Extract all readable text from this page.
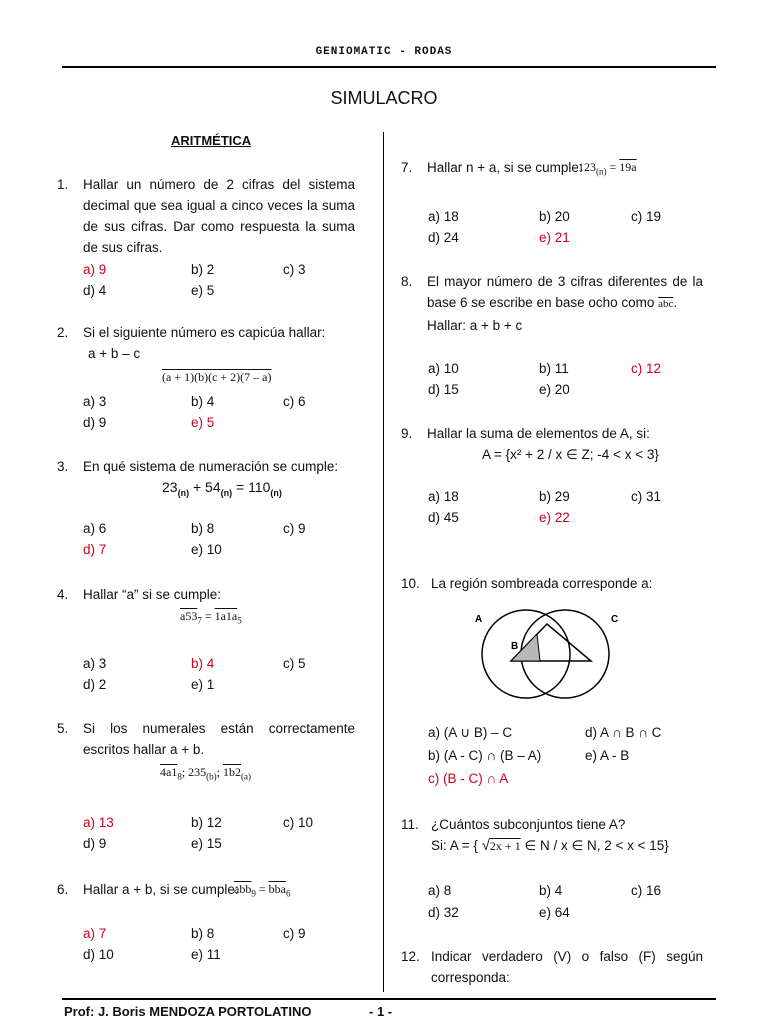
GENIOMATIC - RODAS
SIMULACRO
ARITMÉTICA
1. Hallar un número de 2 cifras del sistema decimal que sea igual a cinco veces la suma de sus cifras. Dar como respuesta la suma de sus cifras.
a) 9	b) 2	c) 3
d) 4	e) 5
2. Si el siguiente número es capicúa hallar:
a + b – c
(a + 1)(b)(c + 2)(7 – a)
a) 3	b) 4	c) 6
d) 9	e) 5
3. En qué sistema de numeración se cumple:
$23_{(n)} + 54_{(n)} = 110_{(n)}$
a) 6	b) 8	c) 9
d) 7	e) 10
4. Hallar “a” si se cumple:
$a53_7 = 1a1a_5$
a) 3	b) 4	c) 5
d) 2	e) 1
5. Si los numerales están correctamente escritos hallar a + b.
$4a1_8$; $235_{(b)}$; $1b2_{(a)}$
a) 13	b) 12	c) 10
d) 9	e) 15
6. Hallar a + b, si se cumple:
$\overline{abb}_9 = \overline{bba}_6$
a) 7	b) 8	c) 9
d) 10	e) 11
7. Hallar n + a, si se cumple:
$123_{(n)} = 19a$
a) 18	b) 20	c) 19
d) 24	e) 21
8. El mayor número de 3 cifras diferentes de la base 6 se escribe en base ocho como $\overline{abc}$.
Hallar: a + b + c
a) 10	b) 11	c) 12
d) 15	e) 20
9. Hallar la suma de elementos de A, si:
A = {x² + 2 / x ∈ Z; -4 < x < 3}
a) 18	b) 29	c) 31
d) 45	e) 22
10. La región sombreada corresponde a:
A	C
B
a) (A ∪ B) – C	d) A ∩ B ∩ C
b) (A - C) ∩ (B – A)	e) A - B
c) (B - C) ∩ A
11. ¿Cuántos subconjuntos tiene A?
Si: A = { √2x + 1 ∈ N / x ∈ N, 2 < x < 15}
a) 8	b) 4	c) 16
d) 32	e) 64
12. Indicar verdadero (V) o falso (F) según corresponda:
Prof: J. Boris MENDOZA PORTOLATINO	- 1 -
